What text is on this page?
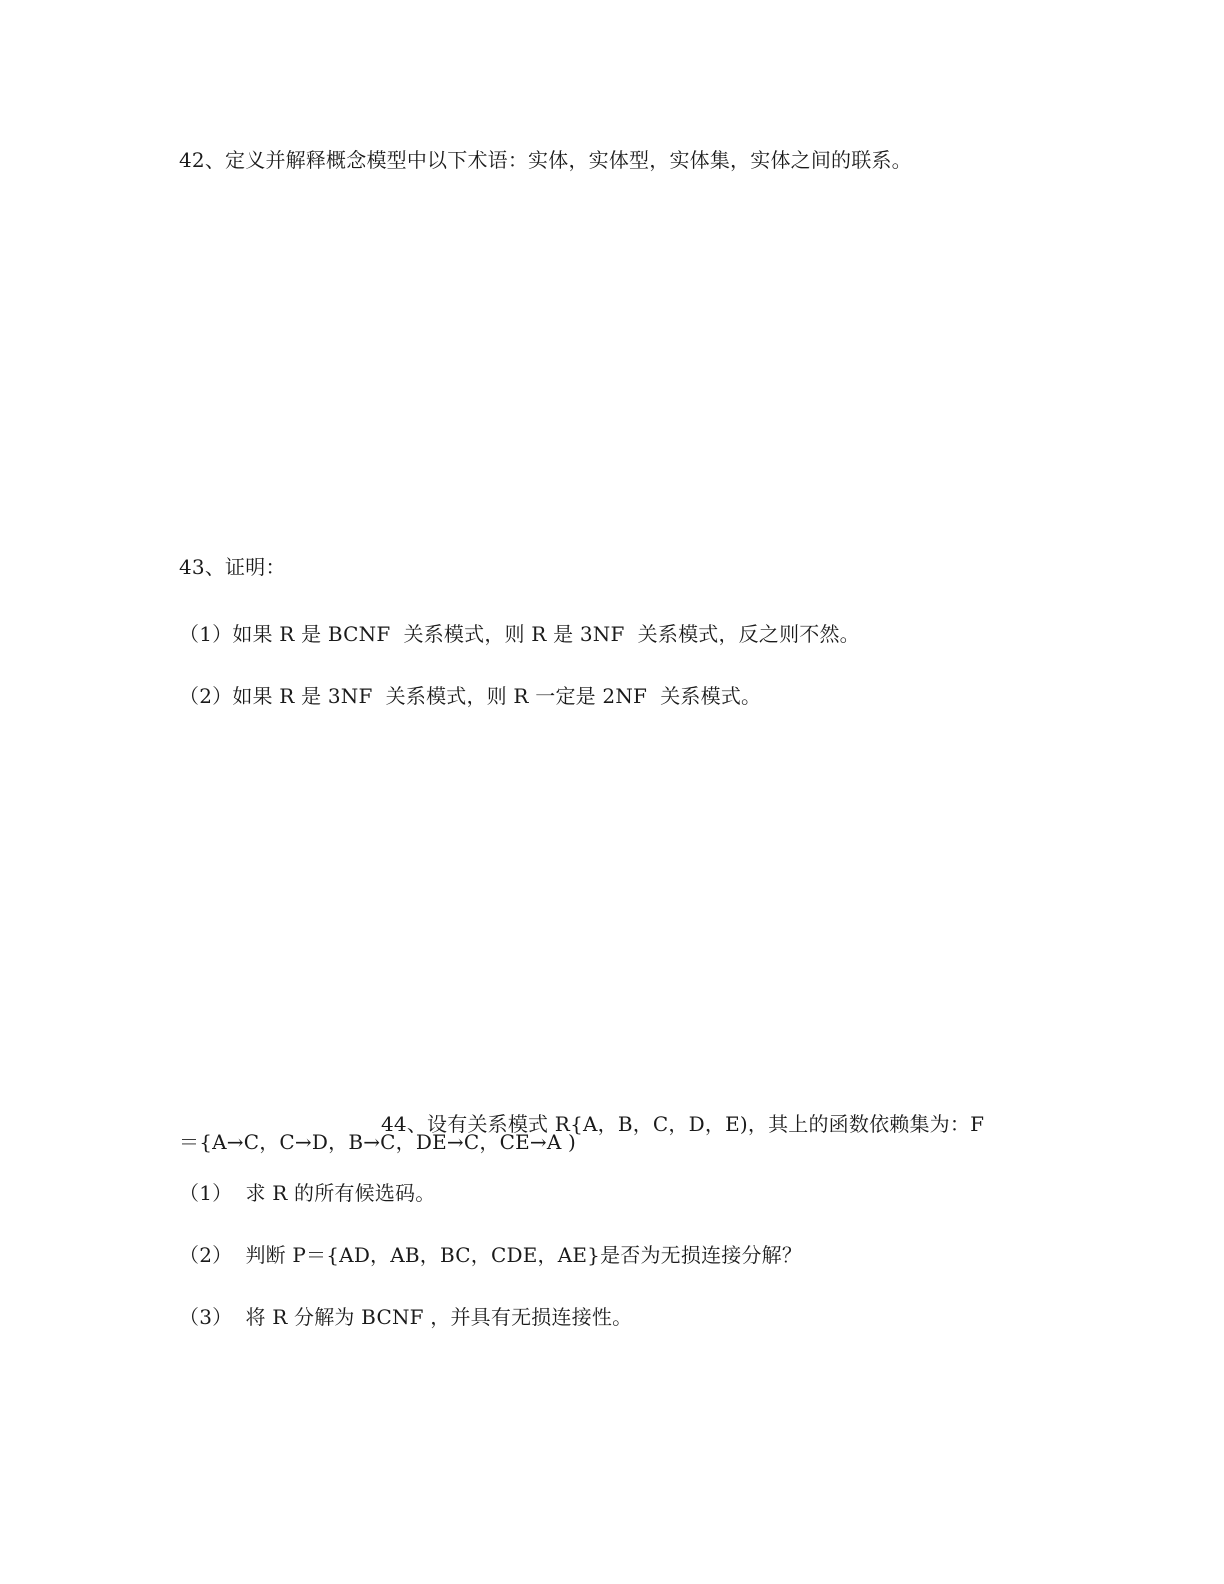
42、定义并解释概念模型中以下术语：实体，实体型，实体集，实体之间的联系。
43、证明：
（1）如果 R 是 BCNF  关系模式，则 R 是 3NF  关系模式，反之则不然。
（2）如果 R 是 3NF  关系模式，则 R 一定是 2NF  关系模式。
44、设有关系模式 R{A，B，C，D，E)，其上的函数依赖集为：F
＝{A→C，C→D，B→C，DE→C，CE→A )
（1）  求 R 的所有候选码。
（2）  判断 P＝{AD，AB，BC，CDE，AE}是否为无损连接分解？
（3）  将 R 分解为 BCNF ，并具有无损连接性。
